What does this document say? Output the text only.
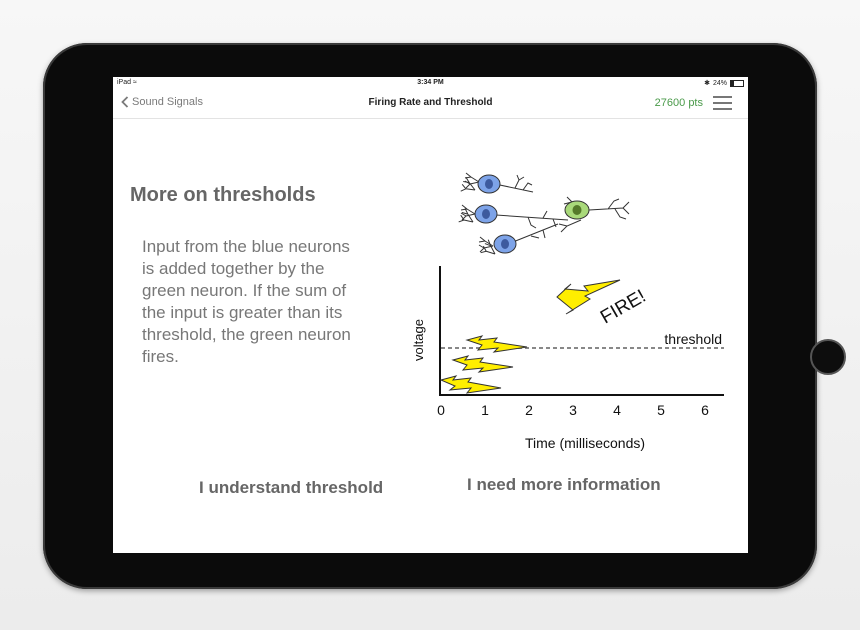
iPad ≈	3:34 PM	✱ 24%
Sound Signals	Firing Rate and Threshold	27600 pts
More on thresholds
Input from the blue neurons is added together by the green neuron. If the sum of the input is greater than its threshold, the green neuron fires.	voltage
Time (milliseconds)
threshold
0	1	2	3	4	5	6
FIRE!
I understand threshold	I need more information
